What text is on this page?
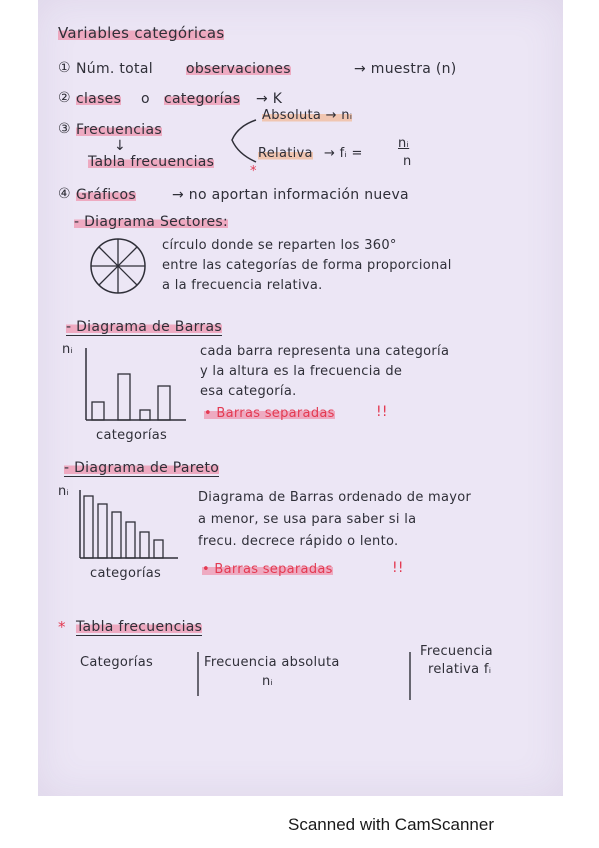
Variables categóricas
① Núm. total observaciones	→ muestra (n)
② clases o categorías → K
③ Frecuencias
↓
Absoluta → nᵢ
Relativa → fᵢ =
nᵢ
n
Tabla frecuencias
*
④ Gráficos	→ no aportan información nueva
- Diagrama Sectores:
círculo donde se reparten los 360°
entre las categorías de forma proporcional
a la frecuencia relativa.
- Diagrama de Barras
nᵢ
categorías
cada barra representa una categoría
y la altura es la frecuencia de
esa categoría.
• Barras separadas	!!
- Diagrama de Pareto
nᵢ
categorías
Diagrama de Barras ordenado de mayor
a menor, se usa para saber si la
frecu. decrece rápido o lento.
• Barras separadas	!!
* Tabla frecuencias
Categorías	Frecuencia absoluta
nᵢ
Frecuencia
relativa fᵢ
Scanned with CamScanner
